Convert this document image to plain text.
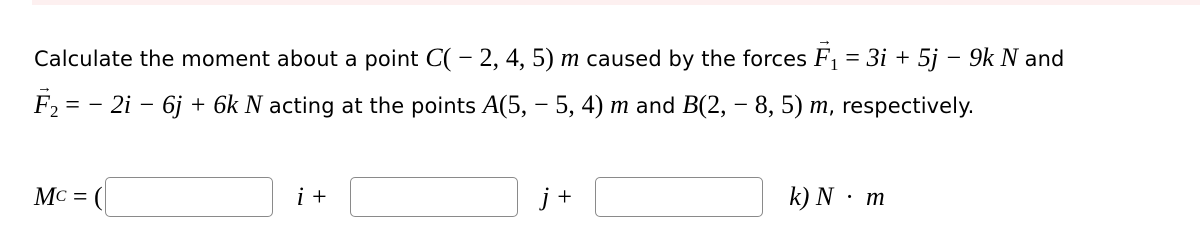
Calculate the moment about a point C( − 2, 4, 5) m caused by the forces → $F_1 = 3i + 5j - 9k$ N and
→ $F_2$ = − 2i − 6j + 6k N acting at the points A(5, − 5, 4) m and B(2, − 8, 5) m, respectively.
M C = (	i +	j +	k) N · m
